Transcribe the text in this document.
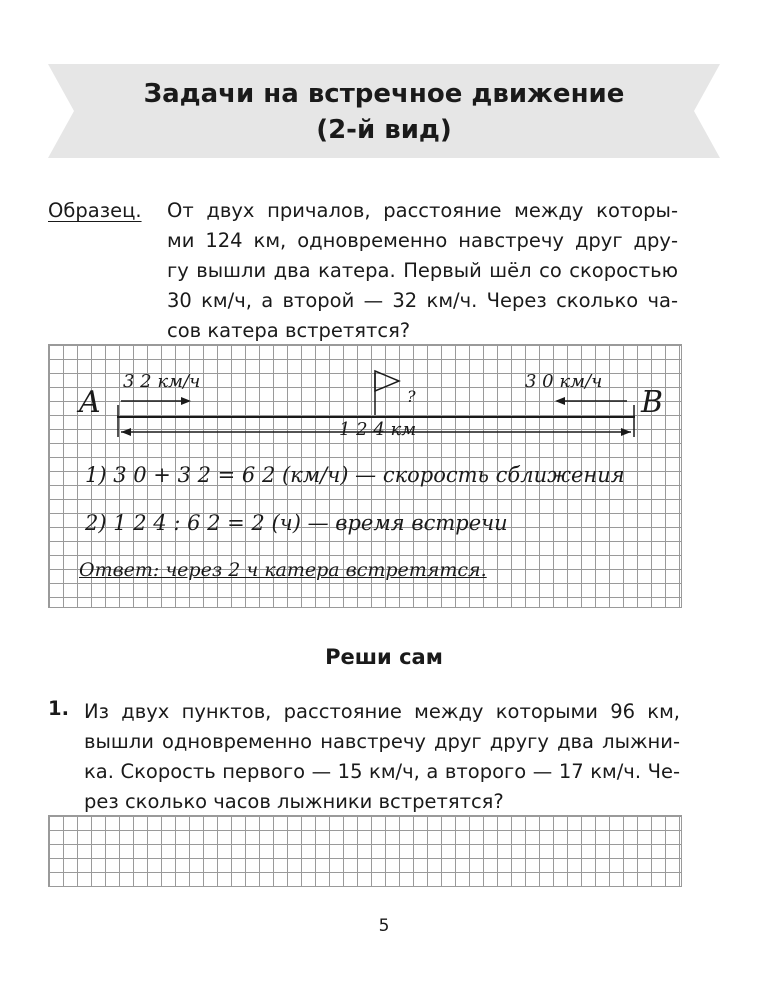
Задачи на встречное движение
(2-й вид)
Образец. От двух причалов, расстояние между которы-
ми 124 км, одновременно навстречу друг дру-
гу вышли два катера. Первый шёл со скоростью
30 км/ч, а второй — 32 км/ч. Через сколько ча-
сов катера встретятся?
A	B
3 2 км/ч	3 0 км/ч
?
1 2 4 км
1) 3 0 + 3 2 = 6 2 (км/ч) — скорость сближения
2) 1 2 4 : 6 2 = 2 (ч) — время встречи
Ответ: через 2 ч катера встретятся.
Реши сам
1. Из двух пунктов, расстояние между которыми 96 км,
вышли одновременно навстречу друг другу два лыжни-
ка. Скорость первого — 15 км/ч, а второго — 17 км/ч. Че-
рез сколько часов лыжники встретятся?
5
